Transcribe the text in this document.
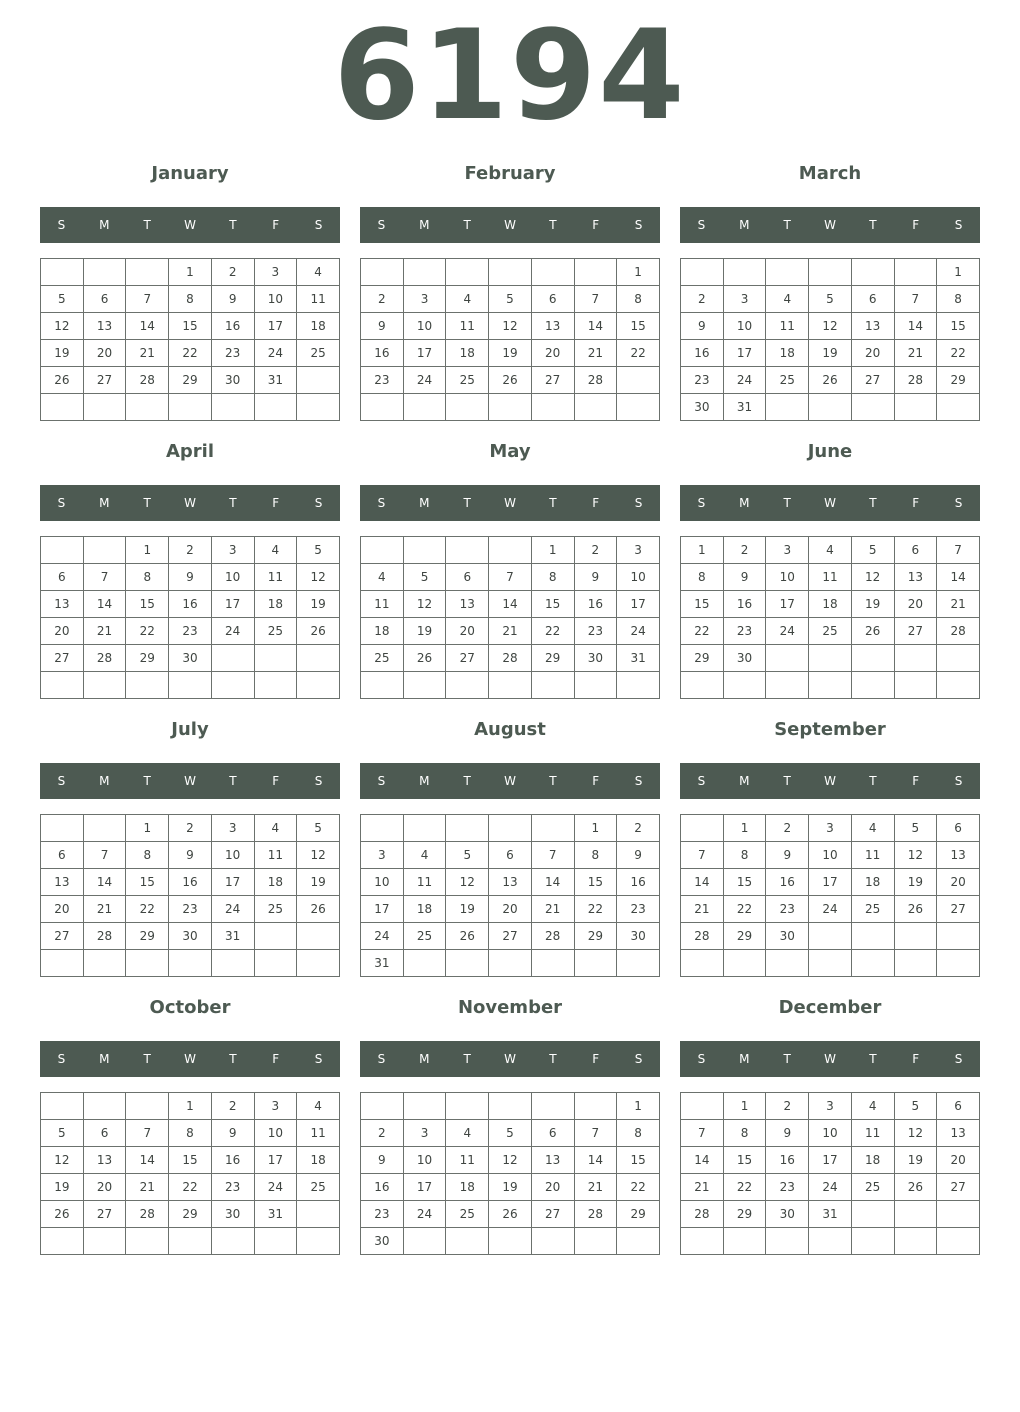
6194
January
S	M	T	W	T	F	S
			1	2	3	4
5	6	7	8	9	10	11
12	13	14	15	16	17	18
19	20	21	22	23	24	25
26	27	28	29	30	31	

February
S	M	T	W	T	F	S
						1
2	3	4	5	6	7	8
9	10	11	12	13	14	15
16	17	18	19	20	21	22
23	24	25	26	27	28	

March
S	M	T	W	T	F	S
						1
2	3	4	5	6	7	8
9	10	11	12	13	14	15
16	17	18	19	20	21	22
23	24	25	26	27	28	29
30	31					
April
S	M	T	W	T	F	S
		1	2	3	4	5
6	7	8	9	10	11	12
13	14	15	16	17	18	19
20	21	22	23	24	25	26
27	28	29	30			

May
S	M	T	W	T	F	S
				1	2	3
4	5	6	7	8	9	10
11	12	13	14	15	16	17
18	19	20	21	22	23	24
25	26	27	28	29	30	31

June
S	M	T	W	T	F	S
1	2	3	4	5	6	7
8	9	10	11	12	13	14
15	16	17	18	19	20	21
22	23	24	25	26	27	28
29	30					

July
S	M	T	W	T	F	S
		1	2	3	4	5
6	7	8	9	10	11	12
13	14	15	16	17	18	19
20	21	22	23	24	25	26
27	28	29	30	31		

August
S	M	T	W	T	F	S
					1	2
3	4	5	6	7	8	9
10	11	12	13	14	15	16
17	18	19	20	21	22	23
24	25	26	27	28	29	30
31						
September
S	M	T	W	T	F	S
	1	2	3	4	5	6
7	8	9	10	11	12	13
14	15	16	17	18	19	20
21	22	23	24	25	26	27
28	29	30				

October
S	M	T	W	T	F	S
			1	2	3	4
5	6	7	8	9	10	11
12	13	14	15	16	17	18
19	20	21	22	23	24	25
26	27	28	29	30	31	

November
S	M	T	W	T	F	S
						1
2	3	4	5	6	7	8
9	10	11	12	13	14	15
16	17	18	19	20	21	22
23	24	25	26	27	28	29
30						
December
S	M	T	W	T	F	S
	1	2	3	4	5	6
7	8	9	10	11	12	13
14	15	16	17	18	19	20
21	22	23	24	25	26	27
28	29	30	31			
